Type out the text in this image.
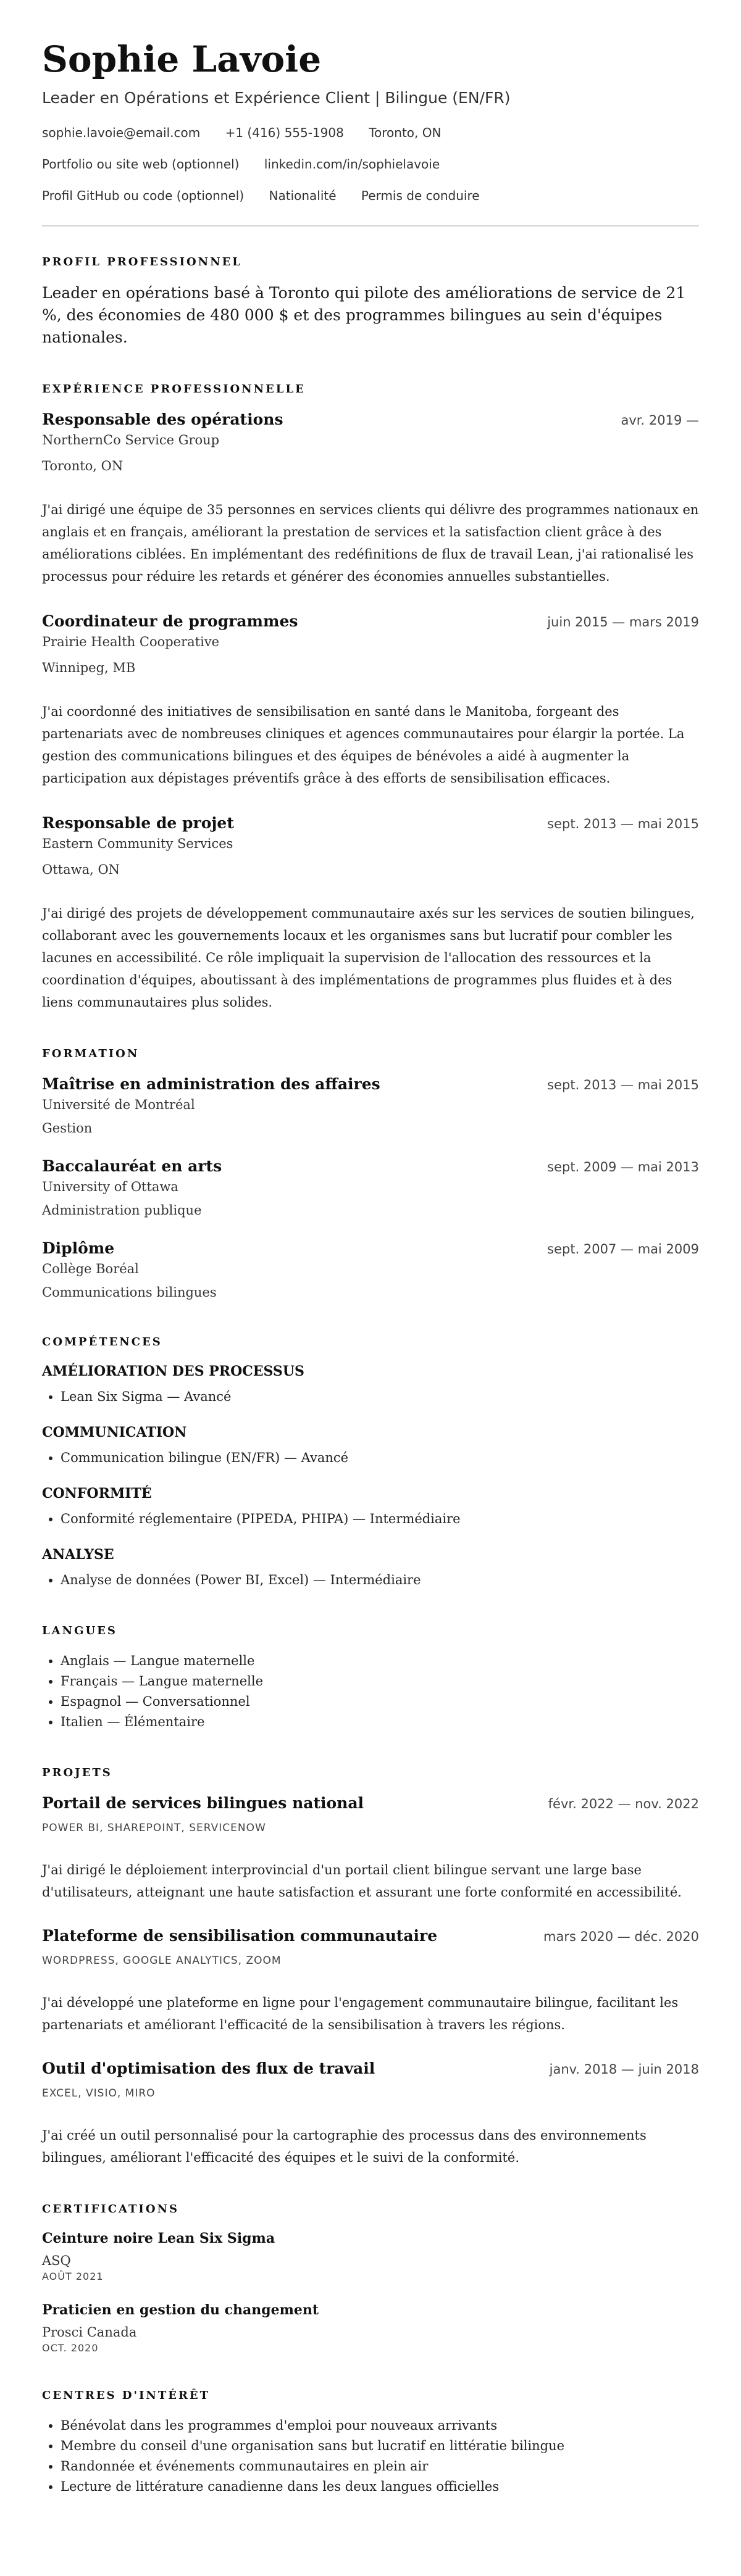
Sophie Lavoie
Leader en Opérations et Expérience Client | Bilingue (EN/FR)
sophie.lavoie@email.com +1 (416) 555-1908 Toronto, ON
Portfolio ou site web (optionnel) linkedin.com/in/sophielavoie
Profil GitHub ou code (optionnel) Nationalité Permis de conduire
PROFIL PROFESSIONNEL

Leader en opérations basé à Toronto qui pilote des améliorations de service de 21 %, des économies de 480 000 $ et des programmes bilingues au sein d'équipes nationales.

EXPÉRIENCE PROFESSIONNELLE
Responsable des opérations	avr. 2019 —
NorthernCo Service Group
Toronto, ON

J'ai dirigé une équipe de 35 personnes en services clients qui délivre des programmes nationaux en anglais et en français, améliorant la prestation de services et la satisfaction client grâce à des améliorations ciblées. En implémentant des redéfinitions de flux de travail Lean, j'ai rationalisé les processus pour réduire les retards et générer des économies annuelles substantielles.

Coordinateur de programmes	juin 2015 — mars 2019
Prairie Health Cooperative
Winnipeg, MB

J'ai coordonné des initiatives de sensibilisation en santé dans le Manitoba, forgeant des partenariats avec de nombreuses cliniques et agences communautaires pour élargir la portée. La gestion des communications bilingues et des équipes de bénévoles a aidé à augmenter la participation aux dépistages préventifs grâce à des efforts de sensibilisation efficaces.

Responsable de projet	sept. 2013 — mai 2015
Eastern Community Services
Ottawa, ON

J'ai dirigé des projets de développement communautaire axés sur les services de soutien bilingues, collaborant avec les gouvernements locaux et les organismes sans but lucratif pour combler les lacunes en accessibilité. Ce rôle impliquait la supervision de l'allocation des ressources et la coordination d'équipes, aboutissant à des implémentations de programmes plus fluides et à des liens communautaires plus solides.

FORMATION
Maîtrise en administration des affaires	sept. 2013 — mai 2015
Université de Montréal
Gestion
Baccalauréat en arts	sept. 2009 — mai 2013
University of Ottawa
Administration publique
Diplôme	sept. 2007 — mai 2009
Collège Boréal
Communications bilingues
COMPÉTENCES
AMÉLIORATION DES PROCESSUS
• Lean Six Sigma — Avancé
COMMUNICATION
• Communication bilingue (EN/FR) — Avancé
CONFORMITÉ
• Conformité réglementaire (PIPEDA, PHIPA) — Intermédiaire
ANALYSE
• Analyse de données (Power BI, Excel) — Intermédiaire
LANGUES
• Anglais — Langue maternelle
• Français — Langue maternelle
• Espagnol — Conversationnel
• Italien — Élémentaire
PROJETS
Portail de services bilingues national	févr. 2022 — nov. 2022
POWER BI, SHAREPOINT, SERVICENOW

J'ai dirigé le déploiement interprovincial d'un portail client bilingue servant une large base d'utilisateurs, atteignant une haute satisfaction et assurant une forte conformité en accessibilité.

Plateforme de sensibilisation communautaire	mars 2020 — déc. 2020
WORDPRESS, GOOGLE ANALYTICS, ZOOM

J'ai développé une plateforme en ligne pour l'engagement communautaire bilingue, facilitant les partenariats et améliorant l'efficacité de la sensibilisation à travers les régions.

Outil d'optimisation des flux de travail	janv. 2018 — juin 2018
EXCEL, VISIO, MIRO

J'ai créé un outil personnalisé pour la cartographie des processus dans des environnements bilingues, améliorant l'efficacité des équipes et le suivi de la conformité.

CERTIFICATIONS
Ceinture noire Lean Six Sigma
ASQ
AOÛT 2021
Praticien en gestion du changement
Prosci Canada
OCT. 2020
CENTRES D'INTÉRÊT
• Bénévolat dans les programmes d'emploi pour nouveaux arrivants
• Membre du conseil d'une organisation sans but lucratif en littératie bilingue
• Randonnée et événements communautaires en plein air
• Lecture de littérature canadienne dans les deux langues officielles
